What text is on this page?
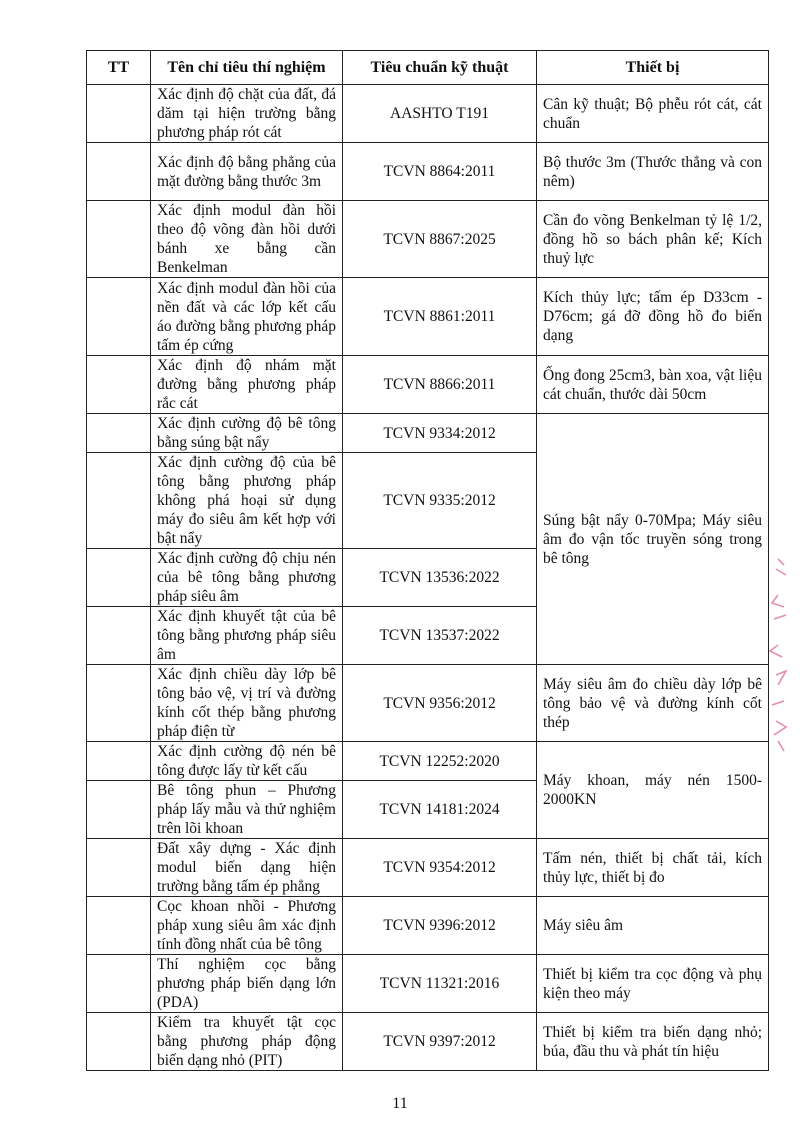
TT	Tên chỉ tiêu thí nghiệm	Tiêu chuẩn kỹ thuật	Thiết bị
	Xác định độ chặt của đất, đá dăm tại hiện trường bằng phương pháp rót cát	AASHTO T191	Cân kỹ thuật; Bộ phễu rót cát, cát chuẩn
	Xác định độ bằng phẳng của mặt đường bằng thước 3m	TCVN 8864:2011	Bộ thước 3m (Thước thẳng và con nêm)
	Xác định modul đàn hồi theo độ võng đàn hồi dưới bánh xe bằng cần Benkelman	TCVN 8867:2025	Cần đo võng Benkelman tỷ lệ 1/2, đồng hồ so bách phân kế; Kích thuỷ lực
	Xác định modul đàn hồi của nền đất và các lớp kết cấu áo đường bằng phương pháp tấm ép cứng	TCVN 8861:2011	Kích thủy lực; tấm ép D33cm - D76cm; gá đỡ đồng hồ đo biến dạng
	Xác định độ nhám mặt đường bằng phương pháp rắc cát	TCVN 8866:2011	Ống đong 25cm3, bàn xoa, vật liệu cát chuẩn, thước dài 50cm
	Xác định cường độ bê tông bằng súng bật nẩy	TCVN 9334:2012	Súng bật nẩy 0-70Mpa; Máy siêu âm đo vận tốc truyền sóng trong bê tông
	Xác định cường độ của bê tông bằng phương pháp không phá hoại sử dụng máy đo siêu âm kết hợp với bật nẩy	TCVN 9335:2012	
	Xác định cường độ chịu nén của bê tông bằng phương pháp siêu âm	TCVN 13536:2022	
	Xác định khuyết tật của bê tông bằng phương pháp siêu âm	TCVN 13537:2022	
	Xác định chiều dày lớp bê tông bảo vệ, vị trí và đường kính cốt thép bằng phương pháp điện từ	TCVN 9356:2012	Máy siêu âm đo chiều dày lớp bê tông bảo vệ và đường kính cốt thép
	Xác định cường độ nén bê tông được lấy từ kết cấu	TCVN 12252:2020	Máy khoan, máy nén 1500-2000KN
	Bê tông phun – Phương pháp lấy mẫu và thử nghiệm trên lõi khoan	TCVN 14181:2024	
	Đất xây dựng - Xác định modul biến dạng hiện trường bằng tấm ép phẳng	TCVN 9354:2012	Tấm nén, thiết bị chất tải, kích thủy lực, thiết bị đo
	Cọc khoan nhồi - Phương pháp xung siêu âm xác định tính đồng nhất của bê tông	TCVN 9396:2012	Máy siêu âm
	Thí nghiệm cọc bằng phương pháp biến dạng lớn (PDA)	TCVN 11321:2016	Thiết bị kiểm tra cọc động và phụ kiện theo máy
	Kiểm tra khuyết tật cọc bằng phương pháp động biến dạng nhỏ (PIT)	TCVN 9397:2012	Thiết bị kiểm tra biến dạng nhỏ; búa, đầu thu và phát tín hiệu
11
